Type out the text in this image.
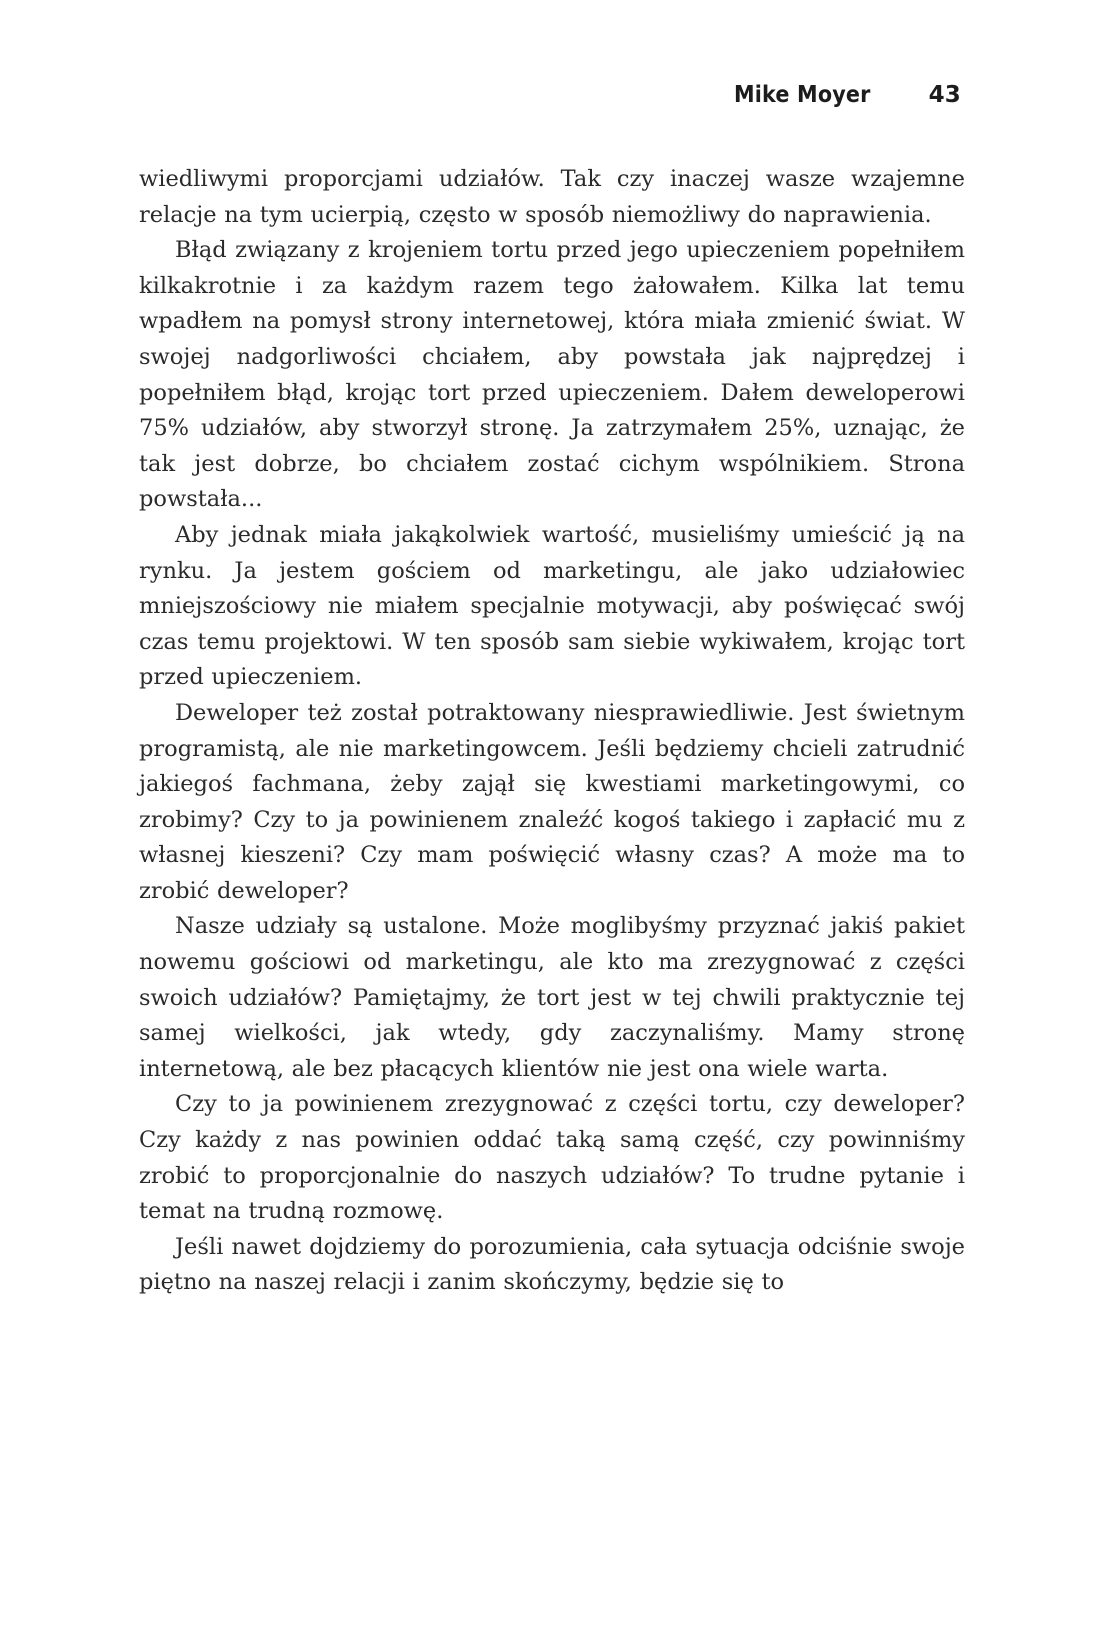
Mike Moyer	43

wiedliwymi proporcjami udziałów. Tak czy inaczej wasze wzajemne relacje na tym ucierpią, często w sposób niemożliwy do naprawienia.

Błąd związany z krojeniem tortu przed jego upieczeniem popełniłem kilkakrotnie i za każdym razem tego żałowałem. Kilka lat temu wpadłem na pomysł strony internetowej, która miała zmienić świat. W swojej nadgorliwości chciałem, aby powstała jak najprędzej i popełniłem błąd, krojąc tort przed upieczeniem. Dałem deweloperowi 75% udziałów, aby stworzył stronę. Ja zatrzymałem 25%, uznając, że tak jest dobrze, bo chciałem zostać cichym wspólnikiem. Strona powstała...

Aby jednak miała jakąkolwiek wartość, musieliśmy umieścić ją na rynku. Ja jestem gościem od marketingu, ale jako udziałowiec mniejszościowy nie miałem specjalnie motywacji, aby poświęcać swój czas temu projektowi. W ten sposób sam siebie wykiwałem, krojąc tort przed upieczeniem.

Deweloper też został potraktowany niesprawiedliwie. Jest świetnym programistą, ale nie marketingowcem. Jeśli będziemy chcieli zatrudnić jakiegoś fachmana, żeby zajął się kwestiami marketingowymi, co zrobimy? Czy to ja powinienem znaleźć kogoś takiego i zapłacić mu z własnej kieszeni? Czy mam poświęcić własny czas? A może ma to zrobić deweloper?

Nasze udziały są ustalone. Może moglibyśmy przyznać jakiś pakiet nowemu gościowi od marketingu, ale kto ma zrezygnować z części swoich udziałów? Pamiętajmy, że tort jest w tej chwili praktycznie tej samej wielkości, jak wtedy, gdy zaczynaliśmy. Mamy stronę internetową, ale bez płacących klientów nie jest ona wiele warta.

Czy to ja powinienem zrezygnować z części tortu, czy deweloper? Czy każdy z nas powinien oddać taką samą część, czy powinniśmy zrobić to proporcjonalnie do naszych udziałów? To trudne pytanie i temat na trudną rozmowę.

Jeśli nawet dojdziemy do porozumienia, cała sytuacja odciśnie swoje piętno na naszej relacji i zanim skończymy, będzie się to
